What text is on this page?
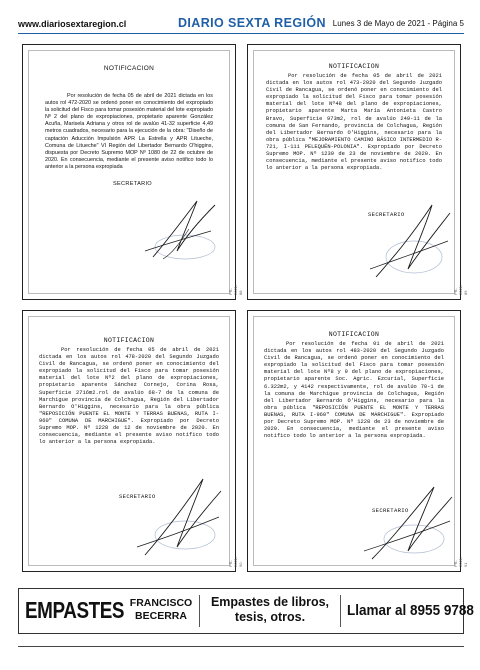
www.diariosextaregion.cl	DIARIO SEXTA REGIÓN Lunes 3 de Mayo de 2021 - Página 5
NOTIFICACION
Por resolución de fecha 05 de abril de 2021 dictada en los autos rol 472-2020 se ordenó poner en conocimiento del expropiado la solicitud del Fisco para tomar posesión material del lote expropiado Nº 2 del plano de expropiaciones, propietario aparente González Acuña, Marisela Adriana y otros rol de avalúo 41-32 superficie 4,49 metros cuadrados, necesario para la ejecución de la obra: "Diseño de captación Aducción Impulsión APR La Estrella y APR Litueche, Comuna de Litueche" VI Región del Libertador Bernardo O'higgins, dispuesta por Decreto Supremo MOP Nº 1080 de 22 de octubre de 2020. En consecuencia, mediante el presente aviso notifico todo lo anterior a la persona expropiada
SECRETARIO
PR-2021-88
NOTIFICACION
Por resolución de fecha 05 de abril de 2021 dictada en los autos rol 473-2020 del Segundo Juzgado Civil de Rancagua, se ordenó poner en conocimiento del expropiado la solicitud del Fisco para tomar posesión material del lote Nº48 del plano de expropiaciones, propietario aparente Marta María Antonieta Castro Bravo, Superficie 973m2, rol de avalúo 249-11 de la comuna de San Fernando, provincia de Colchagua, Región del Libertador Bernardo O'Higgins, necesario para la obra pública "MEJORAMIENTO CAMINO BÁSICO INTERMEDIO R-721, I-111 PELEQUÉN-POLONIA". Expropiado por Decreto Supremo MOP. Nº 1239 de 23 de noviembre de 2020. En consecuencia, mediante el presente aviso notifico todo lo anterior a la persona expropiada.
SECRETARIO
PR-2021-89
NOTIFICACION
Por resolución de fecha 05 de abril de 2021 dictada en los autos rol 478-2020 del Segundo Juzgado Civil de Rancagua, se ordenó poner en conocimiento del expropiado la solicitud del Fisco para tomar posesión material del lote Nº2 del plano de expropiaciones, propietario aparente Sánchez Cornejo, Corina Rosa, Superficie 2716m2.rol de avalúo 68-7 de la comuna de Marchigue provincia de Colchagua, Región del Libertador Bernardo O'Higgins, necesario para la obra pública "REPOSICIÓN PUENTE EL MONTE Y TERRAS BUENAS, RUTA I-960" COMUNA DE MARCHIGUE". Expropiado por Decreto Supremo MOP. Nº 1228 de 12 de noviembre de 2020. En consecuencia, mediante el presente aviso notifico todo lo anterior a la persona expropiada.
SECRETARIO
PR-2021-90
NOTIFICACION
Por resolución de fecha 01 de abril de 2021 dictada en los autos rol 483-2020 del Segundo Juzgado Civil de Rancagua, se ordenó poner en conocimiento del expropiado la solicitud del Fisco para tomar posesión material del lote Nº8 y 9 del plano de expropiaciones, propietario aparente Soc. Agric. Ezcurial, Superficie 6.322m2, y 4142 respectivamente, rol de avalúo 70-1 de la comuna de Marchigue provincia de Colchagua, Región del Libertador Bernardo O'Higgins, necesario para la obra pública "REPOSICIÓN PUENTE EL MONTE Y TERRAS BUENAS, RUTA I-960" COMUNA DE MARCHIGUE". Expropiado por Decreto Supremo MOP. Nº 1228 de 23 de noviembre de 2020. En consecuencia, mediante el presente aviso notifico todo lo anterior a la persona expropiada.
SECRETARIO
PR-2021-91
EMPASTES FRANCISCO
BECERRA
Empastes de libros,
tesis, otros.	Llamar al 8955 9788
